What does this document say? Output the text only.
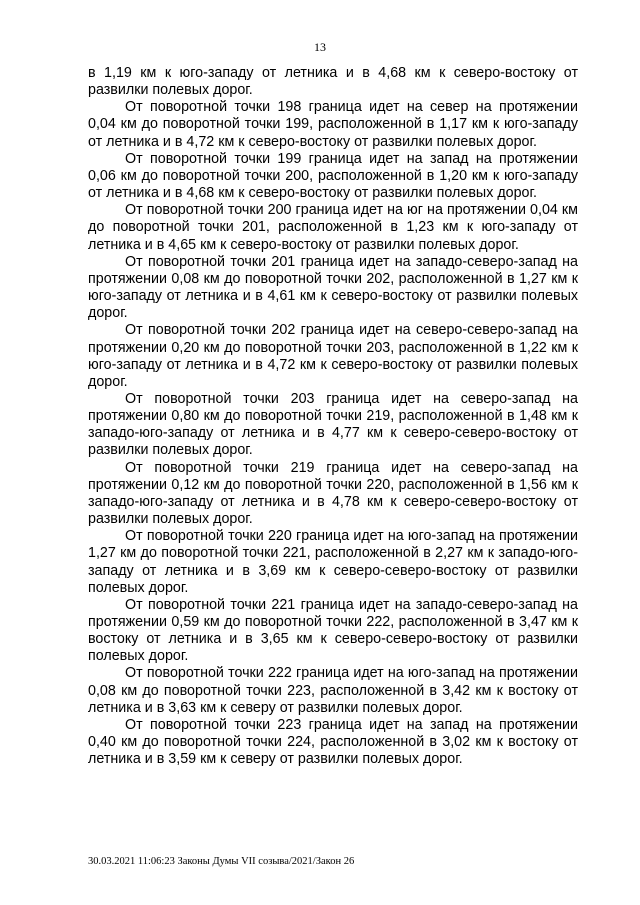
13

в 1,19 км к юго-западу от летника и в 4,68 км к северо-востоку от развилки полевых дорог.

От поворотной точки 198 граница идет на север на протяжении 0,04 км до поворотной точки 199, расположенной в 1,17 км к юго-западу от летника и в 4,72 км к северо-востоку от развилки полевых дорог.

От поворотной точки 199 граница идет на запад на протяжении 0,06 км до поворотной точки 200, расположенной в 1,20 км к юго-западу от летника и в 4,68 км к северо-востоку от развилки полевых дорог.

От поворотной точки 200 граница идет на юг на протяжении 0,04 км до поворотной точки 201, расположенной в 1,23 км к юго-западу от летника и в 4,65 км к северо-востоку от развилки полевых дорог.

От поворотной точки 201 граница идет на западо-северо-запад на протяжении 0,08 км до поворотной точки 202, расположенной в 1,27 км к юго-западу от летника и в 4,61 км к северо-востоку от развилки полевых дорог.

От поворотной точки 202 граница идет на северо-северо-запад на протяжении 0,20 км до поворотной точки 203, расположенной в 1,22 км к юго-западу от летника и в 4,72 км к северо-востоку от развилки полевых дорог.

От поворотной точки 203 граница идет на северо-запад на протяжении 0,80 км до поворотной точки 219, расположенной в 1,48 км к западо-юго-западу от летника и в 4,77 км к северо-северо-востоку от развилки полевых дорог.

От поворотной точки 219 граница идет на северо-запад на протяжении 0,12 км до поворотной точки 220, расположенной в 1,56 км к западо-юго-западу от летника и в 4,78 км к северо-северо-востоку от развилки полевых дорог.

От поворотной точки 220 граница идет на юго-запад на протяжении 1,27 км до поворотной точки 221, расположенной в 2,27 км к западо-юго-западу от летника и в 3,69 км к северо-северо-востоку от развилки полевых дорог.

От поворотной точки 221 граница идет на западо-северо-запад на протяжении 0,59 км до поворотной точки 222, расположенной в 3,47 км к востоку от летника и в 3,65 км к северо-северо-востоку от развилки полевых дорог.

От поворотной точки 222 граница идет на юго-запад на протяжении 0,08 км до поворотной точки 223, расположенной в 3,42 км к востоку от летника и в 3,63 км к северу от развилки полевых дорог.

От поворотной точки 223 граница идет на запад на протяжении 0,40 км до поворотной точки 224, расположенной в 3,02 км к востоку от летника и в 3,59 км к северу от развилки полевых дорог.

30.03.2021 11:06:23 Законы Думы VII созыва/2021/Закон 26
